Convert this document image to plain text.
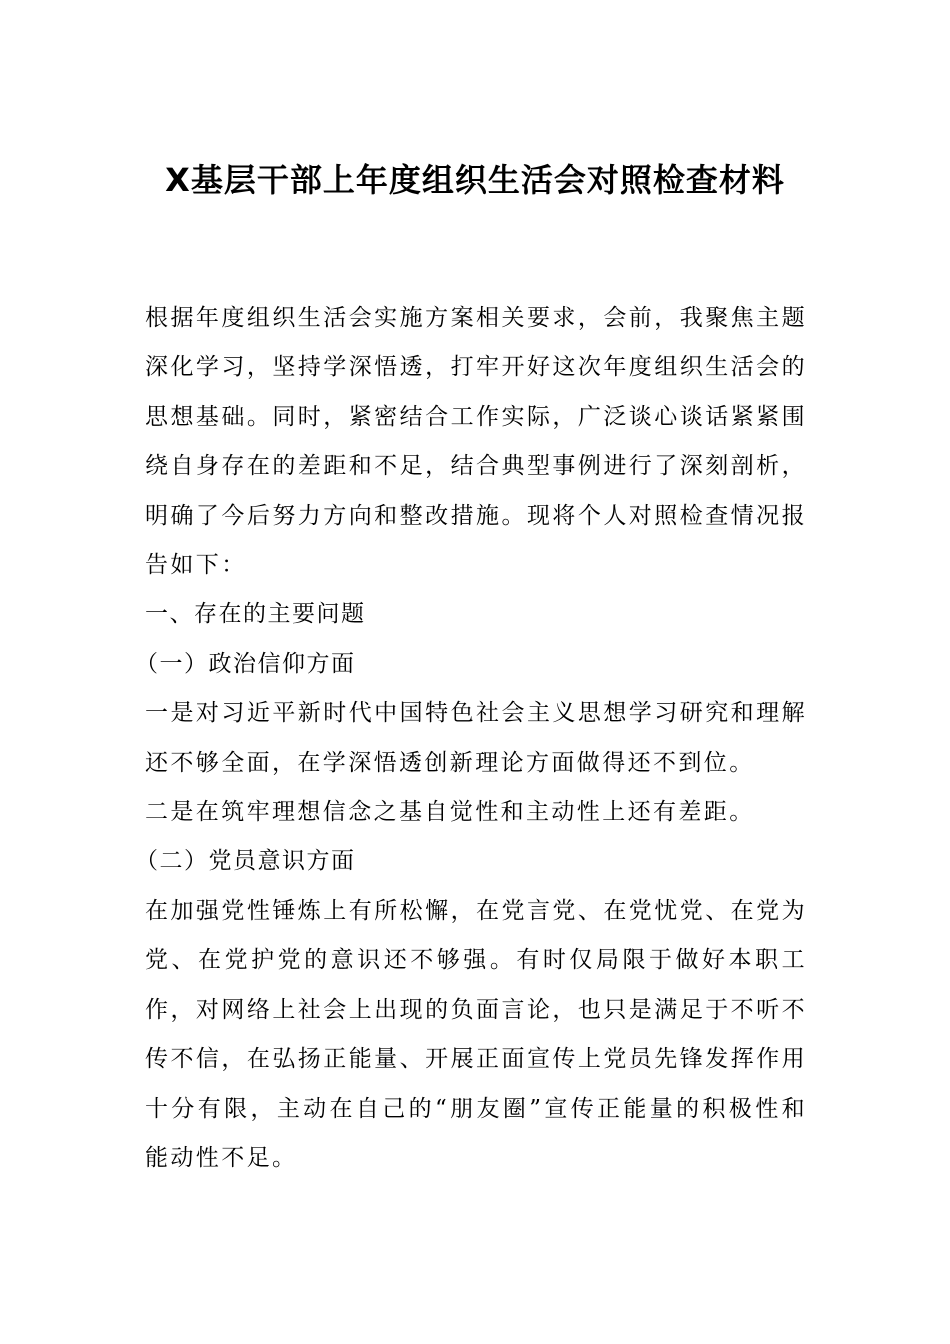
X基层干部上年度组织生活会对照检查材料

根据年度组织生活会实施方案相关要求，会前，我聚焦主题深化学习，坚持学深悟透，打牢开好这次年度组织生活会的思想基础。同时，紧密结合工作实际，广泛谈心谈话紧紧围绕自身存在的差距和不足，结合典型事例进行了深刻剖析，明确了今后努力方向和整改措施。现将个人对照检查情况报告如下：

一、存在的主要问题

（一）政治信仰方面

一是对习近平新时代中国特色社会主义思想学习研究和理解还不够全面，在学深悟透创新理论方面做得还不到位。

二是在筑牢理想信念之基自觉性和主动性上还有差距。

（二）党员意识方面

在加强党性锤炼上有所松懈，在党言党、在党忧党、在党为党、在党护党的意识还不够强。有时仅局限于做好本职工作，对网络上社会上出现的负面言论，也只是满足于不听不传不信，在弘扬正能量、开展正面宣传上党员先锋发挥作用十分有限，主动在自己的“朋友圈”宣传正能量的积极性和能动性不足。
